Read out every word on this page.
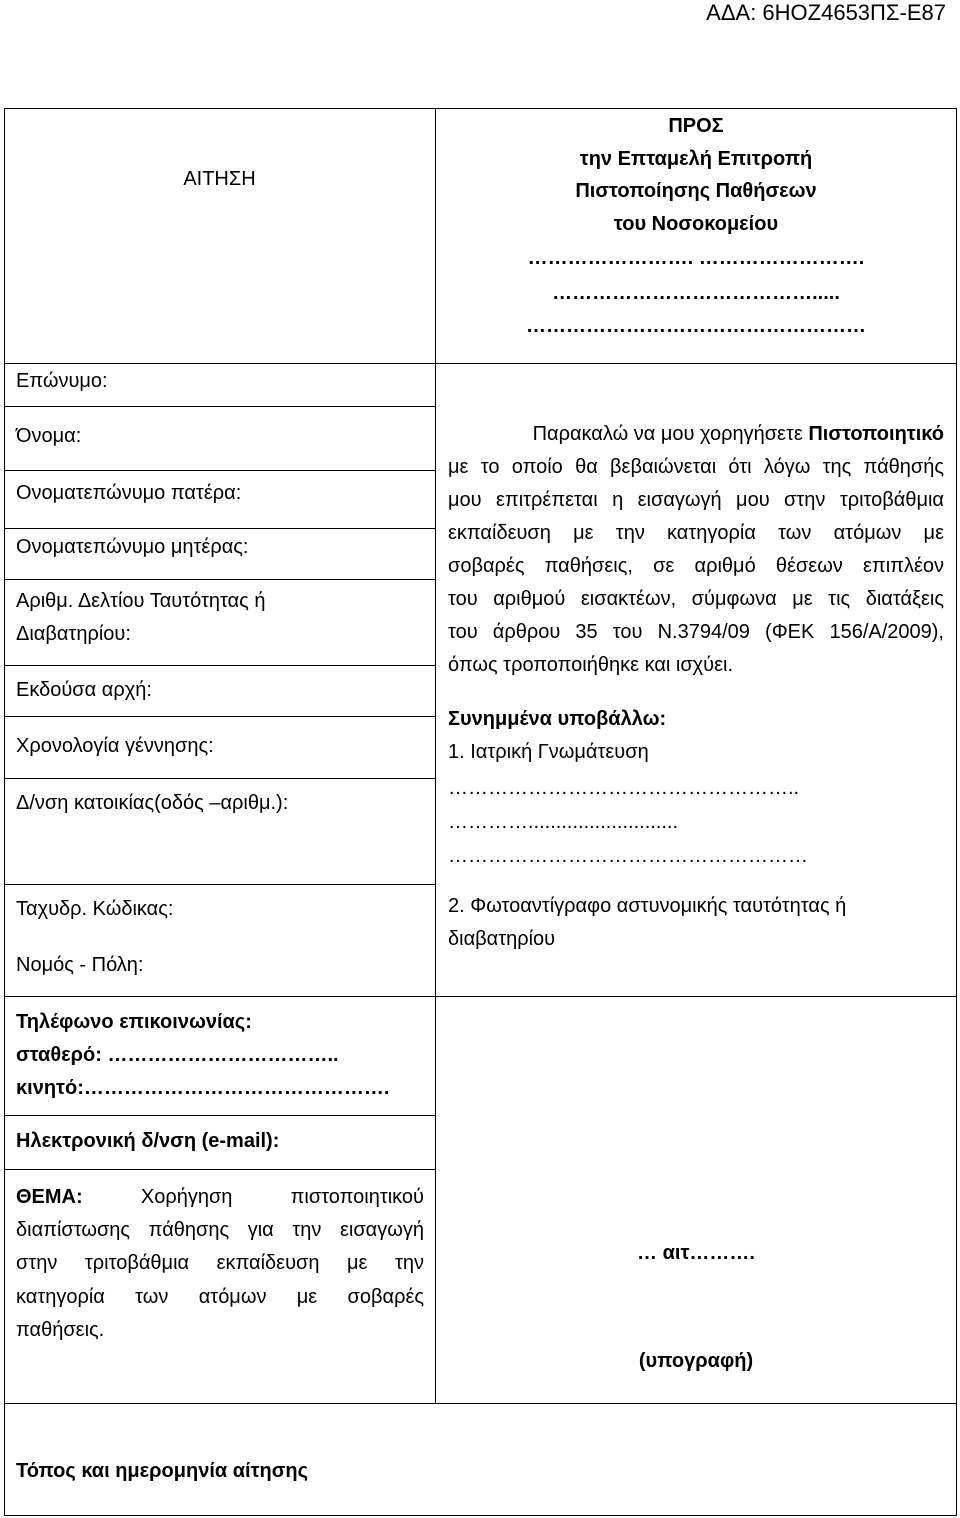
ΑΔΑ: 6ΗΟΖ4653ΠΣ-Ε87
ΑΙΤΗΣΗ
ΠΡΟΣ
την Επταμελή Επιτροπή
Πιστοποίησης Παθήσεων
του Νοσοκομείου
……………………. …………………….
………………………………….....
……………………………………………
Επώνυμο:
Όνομα:
Ονοματεπώνυμο πατέρα:
Ονοματεπώνυμο μητέρας:
Αριθμ. Δελτίου Ταυτότητας ή
Διαβατηρίου:
Εκδούσα αρχή:
Χρονολογία γέννησης:
Δ/νση κατοικίας(οδός –αριθμ.):
Ταχυδρ. Κώδικας:
Νομός - Πόλη:
Τηλέφωνο επικοινωνίας:
σταθερό: ……………………………..
κινητό:……………………………………….
Ηλεκτρονική δ/νση (e-mail):
ΘΕΜΑ:	Χορήγηση πιστοποιητικού
διαπίστωσης πάθησης για την εισαγωγή
στην τριτοβάθμια εκπαίδευση με την
κατηγορία των ατόμων με σοβαρές
παθήσεις.
Παρακαλώ να μου χορηγήσετε Πιστοποιητικό
με το οποίο θα βεβαιώνεται ότι λόγω της πάθησής
μου επιτρέπεται η εισαγωγή μου στην τριτοβάθμια
εκπαίδευση με την κατηγορία των ατόμων με
σοβαρές παθήσεις, σε αριθμό θέσεων επιπλέον
του αριθμού εισακτέων, σύμφωνα με τις διατάξεις
του άρθρου 35 του Ν.3794/09 (ΦΕΚ 156/Α/2009),
όπως τροποποιήθηκε και ισχύει.
Συνημμένα υποβάλλω:
1. Ιατρική Γνωμάτευση
……………………………………………..
…………...........................
………………………………………………
2. Φωτοαντίγραφο αστυνομικής ταυτότητας ή
διαβατηρίου
… αιτ……….
(υπογραφή)
Τόπος και ημερομηνία αίτησης
